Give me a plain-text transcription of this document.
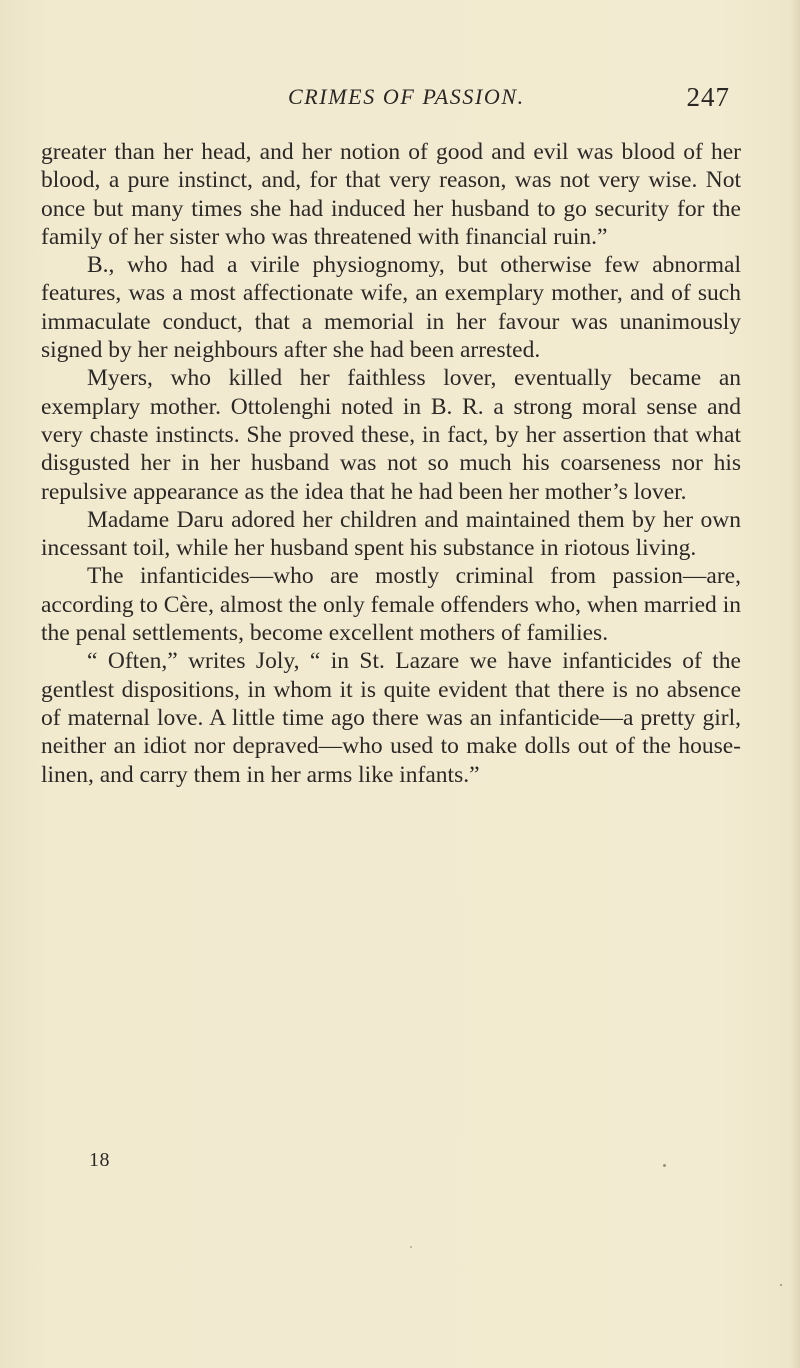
CRIMES OF PASSION.	247

greater than her head, and her notion of good and evil was blood of her blood, a pure instinct, and, for that very reason, was not very wise. Not once but many times she had induced her husband to go security for the family of her sister who was threatened with financial ruin.”

B., who had a virile physiognomy, but otherwise few abnormal features, was a most affectionate wife, an exemplary mother, and of such immaculate conduct, that a memorial in her favour was unanimously signed by her neighbours after she had been arrested.

Myers, who killed her faithless lover, eventually became an exemplary mother. Ottolenghi noted in B. R. a strong moral sense and very chaste instincts. She proved these, in fact, by her assertion that what disgusted her in her husband was not so much his coarseness nor his repulsive appearance as the idea that he had been her mother’s lover.

Madame Daru adored her children and maintained them by her own incessant toil, while her husband spent his substance in riotous living.

The infanticides—who are mostly criminal from passion—are, according to Cère, almost the only female offenders who, when married in the penal settlements, become excellent mothers of families.

“ Often,” writes Joly, “ in St. Lazare we have infanticides of the gentlest dispositions, in whom it is quite evident that there is no absence of maternal love. A little time ago there was an infanticide—a pretty girl, neither an idiot nor depraved—who used to make dolls out of the house-linen, and carry them in her arms like infants.”

18
